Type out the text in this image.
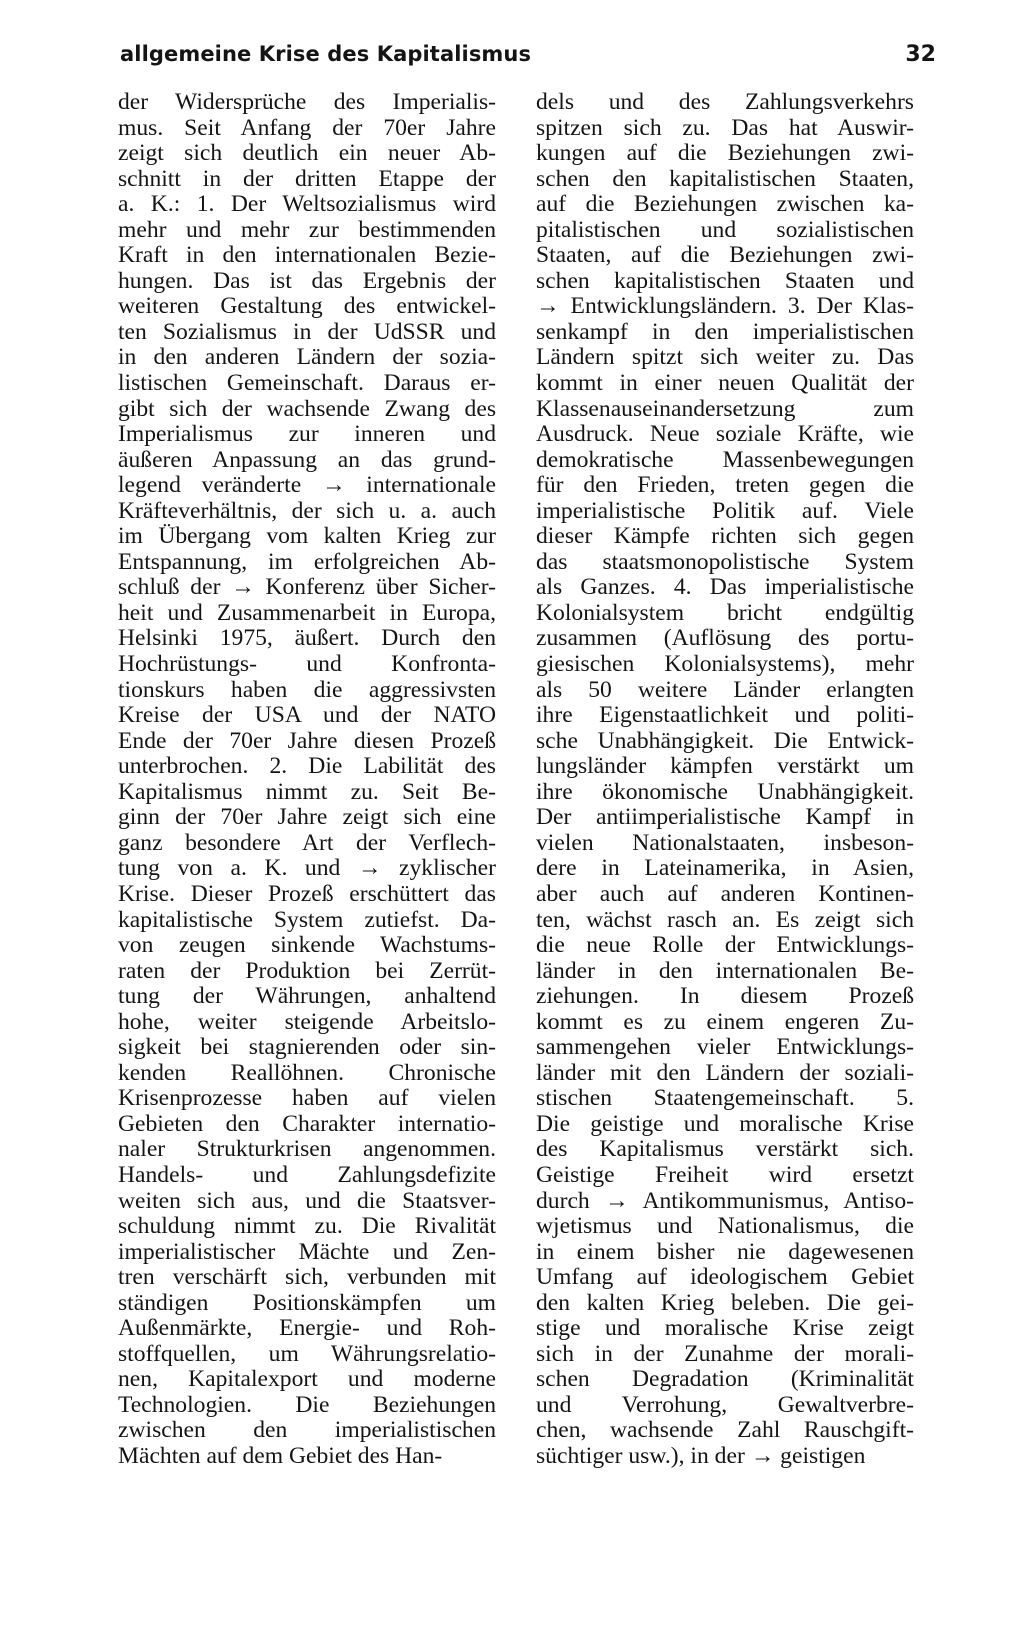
allgemeine Krise des Kapitalismus	32
der Widersprüche des Imperialis-
mus. Seit Anfang der 70er Jahre
zeigt sich deutlich ein neuer Ab-
schnitt in der dritten Etappe der
a. K.: 1. Der Weltsozialismus wird
mehr und mehr zur bestimmenden
Kraft in den internationalen Bezie-
hungen. Das ist das Ergebnis der
weiteren Gestaltung des entwickel-
ten Sozialismus in der UdSSR und
in den anderen Ländern der sozia-
listischen Gemeinschaft. Daraus er-
gibt sich der wachsende Zwang des
Imperialismus zur inneren und
äußeren Anpassung an das grund-
legend veränderte → internationale
Kräfteverhältnis, der sich u. a. auch
im Übergang vom kalten Krieg zur
Entspannung, im erfolgreichen Ab-
schluß der → Konferenz über Sicher-
heit und Zusammenarbeit in Europa,
Helsinki 1975, äußert. Durch den
Hochrüstungs- und Konfronta-
tionskurs haben die aggressivsten
Kreise der USA und der NATO
Ende der 70er Jahre diesen Prozeß
unterbrochen. 2. Die Labilität des
Kapitalismus nimmt zu. Seit Be-
ginn der 70er Jahre zeigt sich eine
ganz besondere Art der Verflech-
tung von a. K. und → zyklischer
Krise. Dieser Prozeß erschüttert das
kapitalistische System zutiefst. Da-
von zeugen sinkende Wachstums-
raten der Produktion bei Zerrüt-
tung der Währungen, anhaltend
hohe, weiter steigende Arbeitslo-
sigkeit bei stagnierenden oder sin-
kenden Reallöhnen. Chronische
Krisenprozesse haben auf vielen
Gebieten den Charakter internatio-
naler Strukturkrisen angenommen.
Handels- und Zahlungsdefizite
weiten sich aus, und die Staatsver-
schuldung nimmt zu. Die Rivalität
imperialistischer Mächte und Zen-
tren verschärft sich, verbunden mit
ständigen Positionskämpfen um
Außenmärkte, Energie- und Roh-
stoffquellen, um Währungsrelatio-
nen, Kapitalexport und moderne
Technologien. Die Beziehungen
zwischen den imperialistischen
Mächten auf dem Gebiet des Han-
dels und des Zahlungsverkehrs
spitzen sich zu. Das hat Auswir-
kungen auf die Beziehungen zwi-
schen den kapitalistischen Staaten,
auf die Beziehungen zwischen ka-
pitalistischen und sozialistischen
Staaten, auf die Beziehungen zwi-
schen kapitalistischen Staaten und
→ Entwicklungsländern. 3. Der Klas-
senkampf in den imperialistischen
Ländern spitzt sich weiter zu. Das
kommt in einer neuen Qualität der
Klassenauseinandersetzung zum
Ausdruck. Neue soziale Kräfte, wie
demokratische Massenbewegungen
für den Frieden, treten gegen die
imperialistische Politik auf. Viele
dieser Kämpfe richten sich gegen
das staatsmonopolistische System
als Ganzes. 4. Das imperialistische
Kolonialsystem bricht endgültig
zusammen (Auflösung des portu-
giesischen Kolonialsystems), mehr
als 50 weitere Länder erlangten
ihre Eigenstaatlichkeit und politi-
sche Unabhängigkeit. Die Entwick-
lungsländer kämpfen verstärkt um
ihre ökonomische Unabhängigkeit.
Der antiimperialistische Kampf in
vielen Nationalstaaten, insbeson-
dere in Lateinamerika, in Asien,
aber auch auf anderen Kontinen-
ten, wächst rasch an. Es zeigt sich
die neue Rolle der Entwicklungs-
länder in den internationalen Be-
ziehungen. In diesem Prozeß
kommt es zu einem engeren Zu-
sammengehen vieler Entwicklungs-
länder mit den Ländern der soziali-
stischen Staatengemeinschaft. 5.
Die geistige und moralische Krise
des Kapitalismus verstärkt sich.
Geistige Freiheit wird ersetzt
durch → Antikommunismus, Antiso-
wjetismus und Nationalismus, die
in einem bisher nie dagewesenen
Umfang auf ideologischem Gebiet
den kalten Krieg beleben. Die gei-
stige und moralische Krise zeigt
sich in der Zunahme der morali-
schen Degradation (Kriminalität
und Verrohung, Gewaltverbre-
chen, wachsende Zahl Rauschgift-
süchtiger usw.), in der → geistigen
